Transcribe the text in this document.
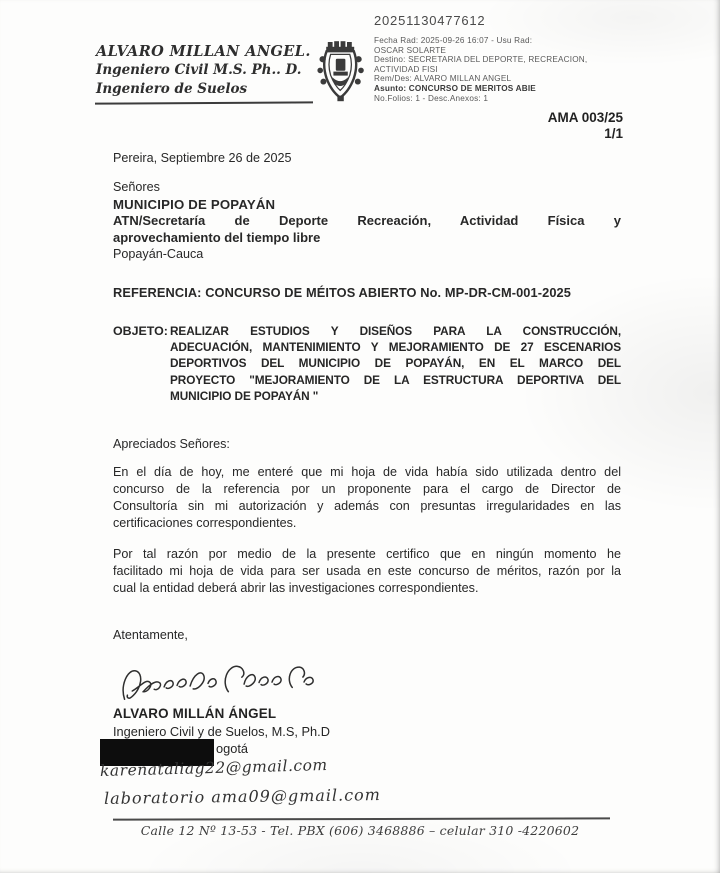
ALVARO MILLAN ANGEL.
Ingeniero Civil M.S. Ph.. D.
Ingeniero de Suelos
20251130477612
Fecha Rad: 2025-09-26 16:07 - Usu Rad:
OSCAR SOLARTE
Destino: SECRETARIA DEL DEPORTE, RECREACION,
ACTIVIDAD FISI
Rem/Des: ALVARO MILLAN ANGEL
Asunto: CONCURSO DE MERITOS ABIE
No.Folios: 1 - Desc.Anexos: 1
AMA 003/25
1/1
Pereira, Septiembre 26 de 2025
Señores
MUNICIPIO DE POPAYÁN
ATN/Secretaría de Deporte Recreación, Actividad Física y
aprovechamiento del tiempo libre
Popayán-Cauca
REFERENCIA: CONCURSO DE MÉITOS ABIERTO No. MP-DR-CM-001-2025
OBJETO: REALIZAR ESTUDIOS Y DISEÑOS PARA LA CONSTRUCCIÓN,
ADECUACIÓN, MANTENIMIENTO Y MEJORAMIENTO DE 27 ESCENARIOS
DEPORTIVOS DEL MUNICIPIO DE POPAYÁN, EN EL MARCO DEL
PROYECTO "MEJORAMIENTO DE LA ESTRUCTURA DEPORTIVA DEL
MUNICIPIO DE POPAYÁN "
Apreciados Señores:
En el día de hoy, me enteré que mi hoja de vida había sido utilizada dentro del
concurso de la referencia por un proponente para el cargo de Director de
Consultoría sin mi autorización y además con presuntas irregularidades en las
certificaciones correspondientes.
Por tal razón por medio de la presente certifico que en ningún momento he
facilitado mi hoja de vida para ser usada en este concurso de méritos, razón por la
cual la entidad deberá abrir las investigaciones correspondientes.
Atentamente,
ALVARO MILLÁN ÁNGEL
Ingeniero Civil y de Suelos, M.S, Ph.D
ogotá
karenataliag22@gmail.com
laboratorio ama09@gmail.com
Calle 12 Nº 13-53 - Tel. PBX (606) 3468886 – celular 310 -4220602
